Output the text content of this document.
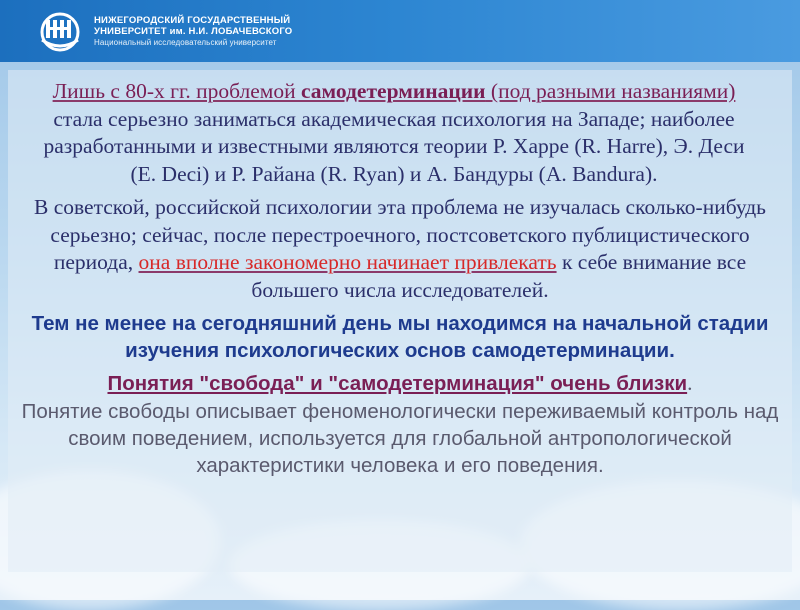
НИЖЕГОРОДСКИЙ ГОСУДАРСТВЕННЫЙ
УНИВЕРСИТЕТ им. Н.И. ЛОБАЧЕВСКОГО
Национальный исследовательский университет

Лишь с 80-х гг. проблемой самодетерминации (под разными названиями) стала серьезно заниматься академическая психология на Западе; наиболее разработанными и известными являются теории Р. Харре (R. Harre), Э. Деси (E. Deci) и Р. Райана (R. Ryan) и А. Бандуры (A. Bandura).

В советской, российской психологии эта проблема не изучалась сколько-нибудь серьезно; сейчас, после перестроечного, постсоветского публицистического периода, она вполне закономерно начинает привлекать к себе внимание все большего числа исследователей.

Тем не менее на сегодняшний день мы находимся на начальной стадии изучения психологических основ самодетерминации.

Понятия "свобода" и "самодетерминация" очень близки.

Понятие свободы описывает феноменологически переживаемый контроль над своим поведением, используется для глобальной антропологической характеристики человека и его поведения.
